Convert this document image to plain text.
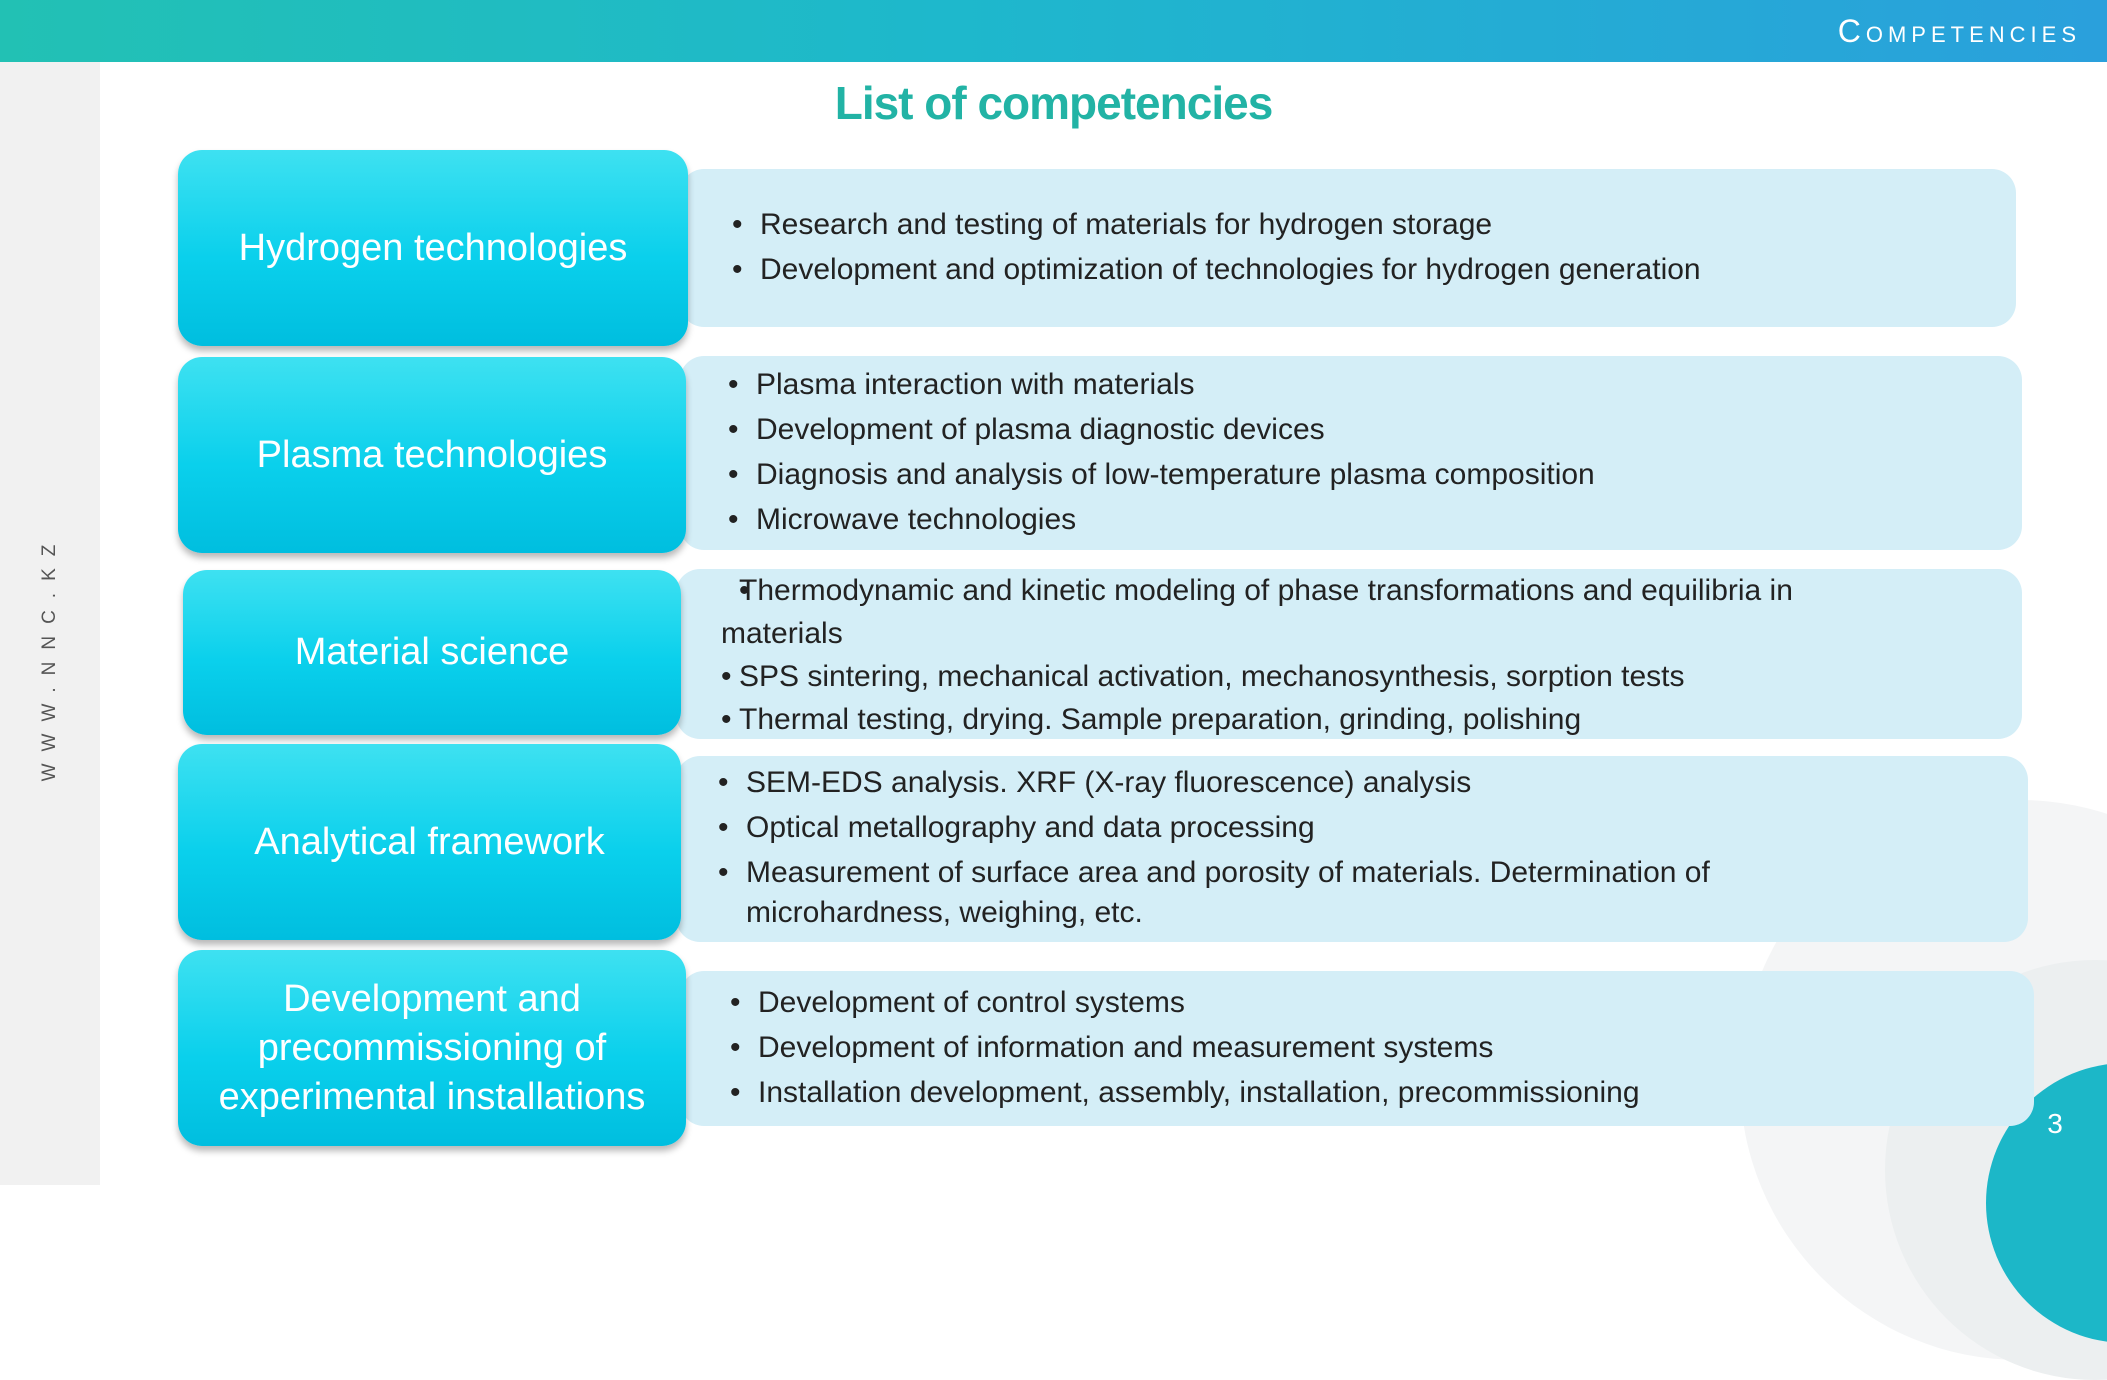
Competencies
WWW.NNC.KZ
3
List of competencies
Hydrogen technologies
• Research and testing of materials for hydrogen storage
• Development and optimization of technologies for hydrogen generation
Plasma technologies
• Plasma interaction with materials
• Development of plasma diagnostic devices
• Diagnosis and analysis of low-temperature plasma composition
• Microwave technologies
Material science
• Thermodynamic and kinetic modeling of phase transformations and equilibria in materials
• SPS sintering, mechanical activation, mechanosynthesis, sorption tests
• Thermal testing, drying. Sample preparation, grinding, polishing
Analytical framework
• SEM-EDS analysis. XRF (X-ray fluorescence) analysis
• Optical metallography and data processing
• Measurement of surface area and porosity of materials. Determination of microhardness, weighing, etc.
Development and precommissioning of experimental installations
• Development of control systems
• Development of information and measurement systems
• Installation development, assembly, installation, precommissioning
